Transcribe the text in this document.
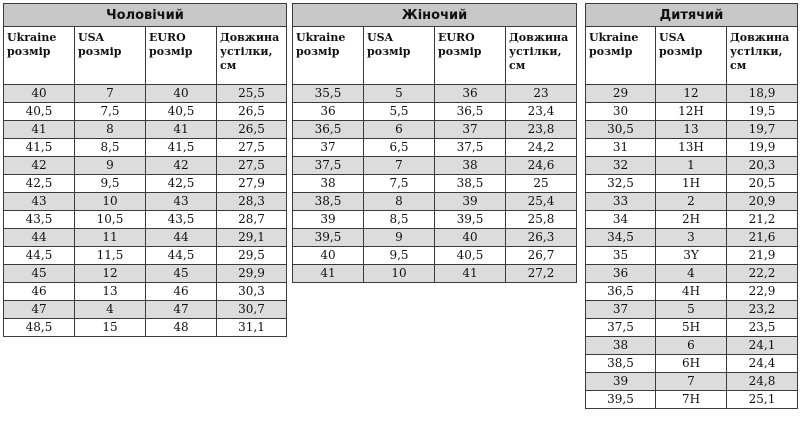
Чоловічий			
Ukraine розмір	USA розмір	EURO розмір	Довжина устілки, см
40	7	40	25,5
40,5	7,5	40,5	26,5
41	8	41	26,5
41,5	8,5	41,5	27,5
42	9	42	27,5
42,5	9,5	42,5	27,9
43	10	43	28,3
43,5	10,5	43,5	28,7
44	11	44	29,1
44,5	11,5	44,5	29,5
45	12	45	29,9
46	13	46	30,3
47	4	47	30,7
48,5	15	48	31,1
Жіночий			
Ukraine розмір	USA розмір	EURO розмір	Довжина устілки, см
35,5	5	36	23
36	5,5	36,5	23,4
36,5	6	37	23,8
37	6,5	37,5	24,2
37,5	7	38	24,6
38	7,5	38,5	25
38,5	8	39	25,4
39	8,5	39,5	25,8
39,5	9	40	26,3
40	9,5	40,5	26,7
41	10	41	27,2
Дитячий		
Ukraine розмір	USA розмір	Довжина устілки, см
29	12	18,9
30	12H	19,5
30,5	13	19,7
31	13H	19,9
32	1	20,3
32,5	1H	20,5
33	2	20,9
34	2H	21,2
34,5	3	21,6
35	3Y	21,9
36	4	22,2
36,5	4H	22,9
37	5	23,2
37,5	5H	23,5
38	6	24,1
38,5	6H	24,4
39	7	24,8
39,5	7H	25,1
